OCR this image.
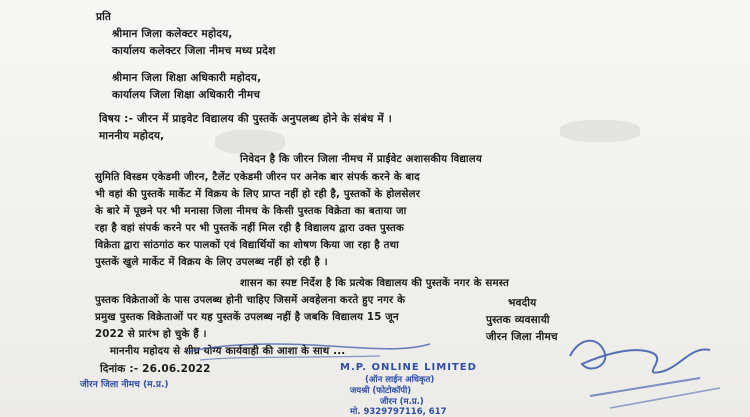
प्रति
श्रीमान जिला कलेक्टर महोदय,
कार्यालय कलेक्टर जिला नीमच मध्य प्रदेश
श्रीमान जिला शिक्षा अधिकारी महोदय,
कार्यालय जिला शिक्षा अधिकारी नीमच
विषय :- जीरन में प्राइवेट विद्यालय की पुस्तकें अनुपलब्ध होने के संबंध में ।
माननीय महोदय,
निवेदन है कि जीरन जिला नीमच में प्राईवेट अशासकीय विद्यालय
सुमिति विस्डम एकेडमी जीरन, टैलेंट एकेडमी जीरन पर अनेक बार संपर्क करने के बाद
भी वहां की पुस्तकें मार्केट में विक्रय के लिए प्राप्त नहीं हो रही है, पुस्तकों के होलसेलर
के बारे में पूछने पर भी मनासा जिला नीमच के किसी पुस्तक विक्रेता का बताया जा
रहा है वहां संपर्क करने पर भी पुस्तकें नहीं मिल रही है विद्यालय द्वारा उक्त पुस्तक
विक्रेता द्वारा सांठगांठ कर पालकों एवं विद्यार्थियों का शोषण किया जा रहा है तथा
पुस्तकें खुले मार्केट में विक्रय के लिए उपलब्ध नहीं हो रही है ।
शासन का स्पष्ट निर्देश है कि प्रत्येक विद्यालय की पुस्तकें नगर के समस्त
पुस्तक विक्रेताओं के पास उपलब्ध होनी चाहिए जिसमें अवहेलना करते हुए नगर के
प्रमुख पुस्तक विक्रेताओं पर यह पुस्तकें उपलब्ध नहीं है जबकि विद्यालय 15 जून
2022 से प्रारंभ हो चुके हैं ।
माननीय महोदय से शीघ्र योग्य कार्यवाही की आशा के साथ ...
दिनांक :- 26.06.2022
भवदीय
पुस्तक व्यवसायी
जीरन जिला नीमच
जीरन जिला नीमच (म.प्र.)
M.P. ONLINE LIMITED
(ऑन लाईन अधिकृत)
जयश्री (फोटोकॉपी)
जीरन (म.प्र.)
मो. 9329797116, 617
